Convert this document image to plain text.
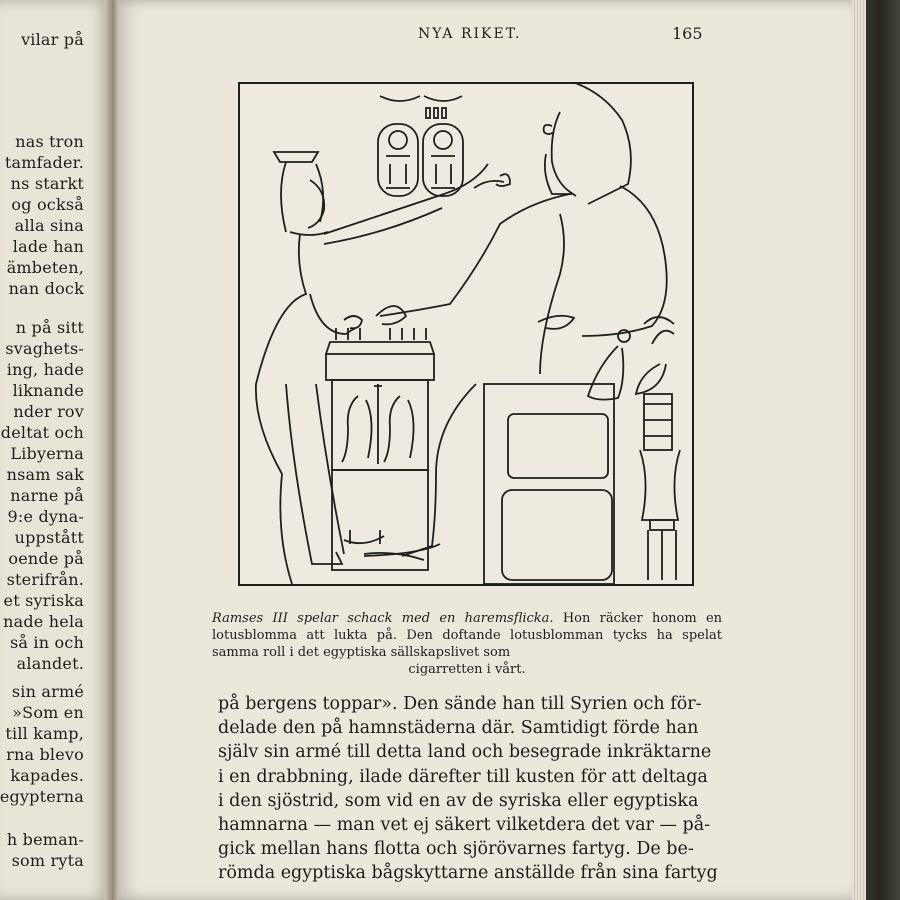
vilar på
nas tron
tamfader.
ns starkt
og också
alla sina
lade han
ämbeten,
nan dock
n på sitt
svaghets-
ing, hade
liknande
nder rov
deltat och
Libyerna
nsam sak
narne på
9:e dyna-
uppstått
oende på
sterifrån.
et syriska
nade hela
så in och
alandet.
sin armé
»Som en
till kamp,
rna blevo
kapades.
egypterna
h beman-
som ryta
NYA RIKET.	165
Ramses III spelar schack med en haremsflicka. Hon räcker honom en lotusblomma att lukta på. Den doftande lotusblomman tycks ha spelat samma roll i det egyptiska sällskapslivet som
cigarretten i vårt.
på bergens toppar». Den sände han till Syrien och för-
delade den på hamnstäderna där. Samtidigt förde han
själv sin armé till detta land och besegrade inkräktarne
i en drabbning, ilade därefter till kusten för att deltaga
i den sjöstrid, som vid en av de syriska eller egyptiska
hamnarna — man vet ej säkert vilketdera det var — på-
gick mellan hans flotta och sjörövarnes fartyg. De be-
römda egyptiska bågskyttarne anställde från sina fartyg
